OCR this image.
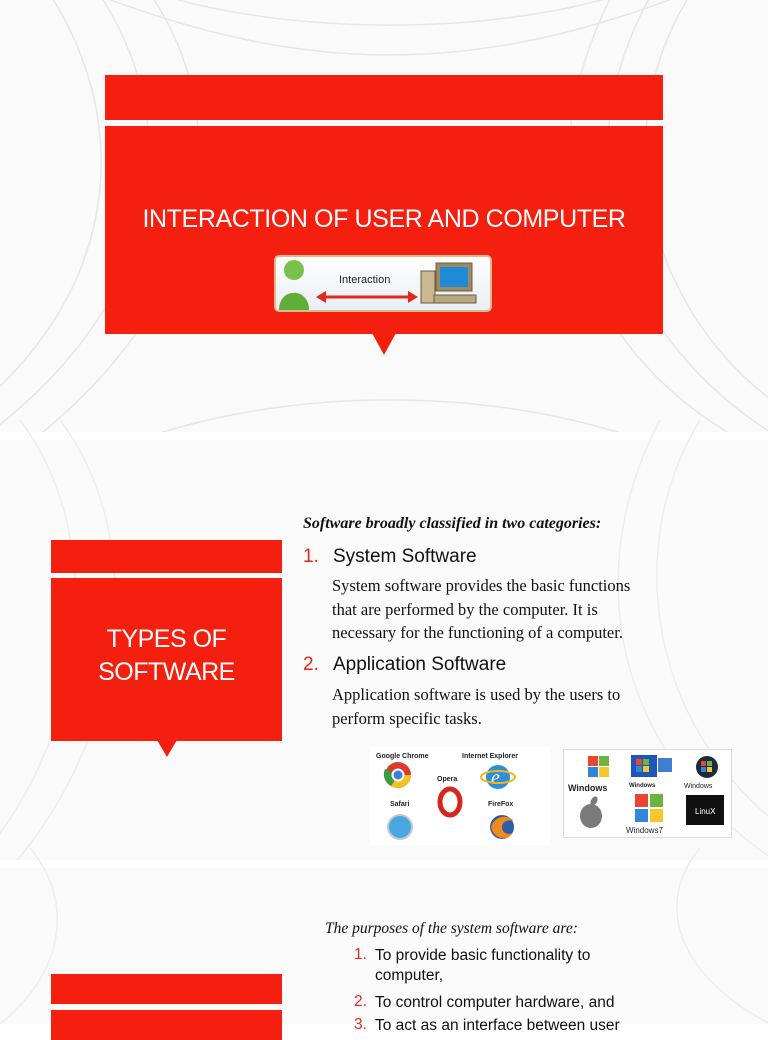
INTERACTION OF USER AND COMPUTER
Interaction
TYPES OF
SOFTWARE
Software broadly classified in two categories:
1. System Software
System software provides the basic functions
that are performed by the computer. It is
necessary for the functioning of a computer.
2. Application Software
Application software is used by the users to
perform specific tasks.
Google Chrome	Internet Explorer
Opera
Safari	FireFox
e	Windows	Windows	Windows
Windows7
LinuX
The purposes of the system software are:
1. To provide basic functionality to
computer,
2. To control computer hardware, and
3. To act as an interface between user
